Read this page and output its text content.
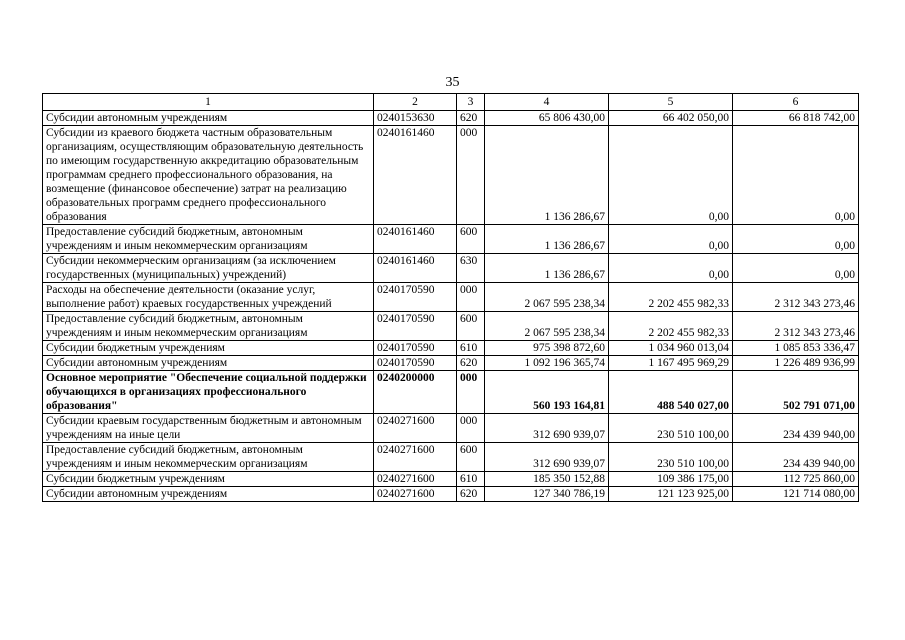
35
1	2	3	4	5	6
Субсидии автономным учреждениям	0240153630	620	65 806 430,00	66 402 050,00	66 818 742,00
Субсидии из краевого бюджета частным образовательным организациям, осуществляющим образовательную деятельность по имеющим государственную аккредитацию образовательным программам среднего профессионального образования, на возмещение (финансовое обеспечение) затрат на реализацию образовательных программ среднего профессионального образования	0240161460	000	1 136 286,67	0,00	0,00
Предоставление субсидий бюджетным, автономным учреждениям и иным некоммерческим организациям	0240161460	600	1 136 286,67	0,00	0,00
Субсидии некоммерческим организациям (за исключением государственных (муниципальных) учреждений)	0240161460	630	1 136 286,67	0,00	0,00
Расходы на обеспечение деятельности (оказание услуг, выполнение работ) краевых государственных учреждений	0240170590	000	2 067 595 238,34	2 202 455 982,33	2 312 343 273,46
Предоставление субсидий бюджетным, автономным учреждениям и иным некоммерческим организациям	0240170590	600	2 067 595 238,34	2 202 455 982,33	2 312 343 273,46
Субсидии бюджетным учреждениям	0240170590	610	975 398 872,60	1 034 960 013,04	1 085 853 336,47
Субсидии автономным учреждениям	0240170590	620	1 092 196 365,74	1 167 495 969,29	1 226 489 936,99
Основное мероприятие "Обеспечение социальной поддержки обучающихся в организациях профессионального образования"	0240200000	000	560 193 164,81	488 540 027,00	502 791 071,00
Субсидии краевым государственным бюджетным и автономным учреждениям на иные цели	0240271600	000	312 690 939,07	230 510 100,00	234 439 940,00
Предоставление субсидий бюджетным, автономным учреждениям и иным некоммерческим организациям	0240271600	600	312 690 939,07	230 510 100,00	234 439 940,00
Субсидии бюджетным учреждениям	0240271600	610	185 350 152,88	109 386 175,00	112 725 860,00
Субсидии автономным учреждениям	0240271600	620	127 340 786,19	121 123 925,00	121 714 080,00
